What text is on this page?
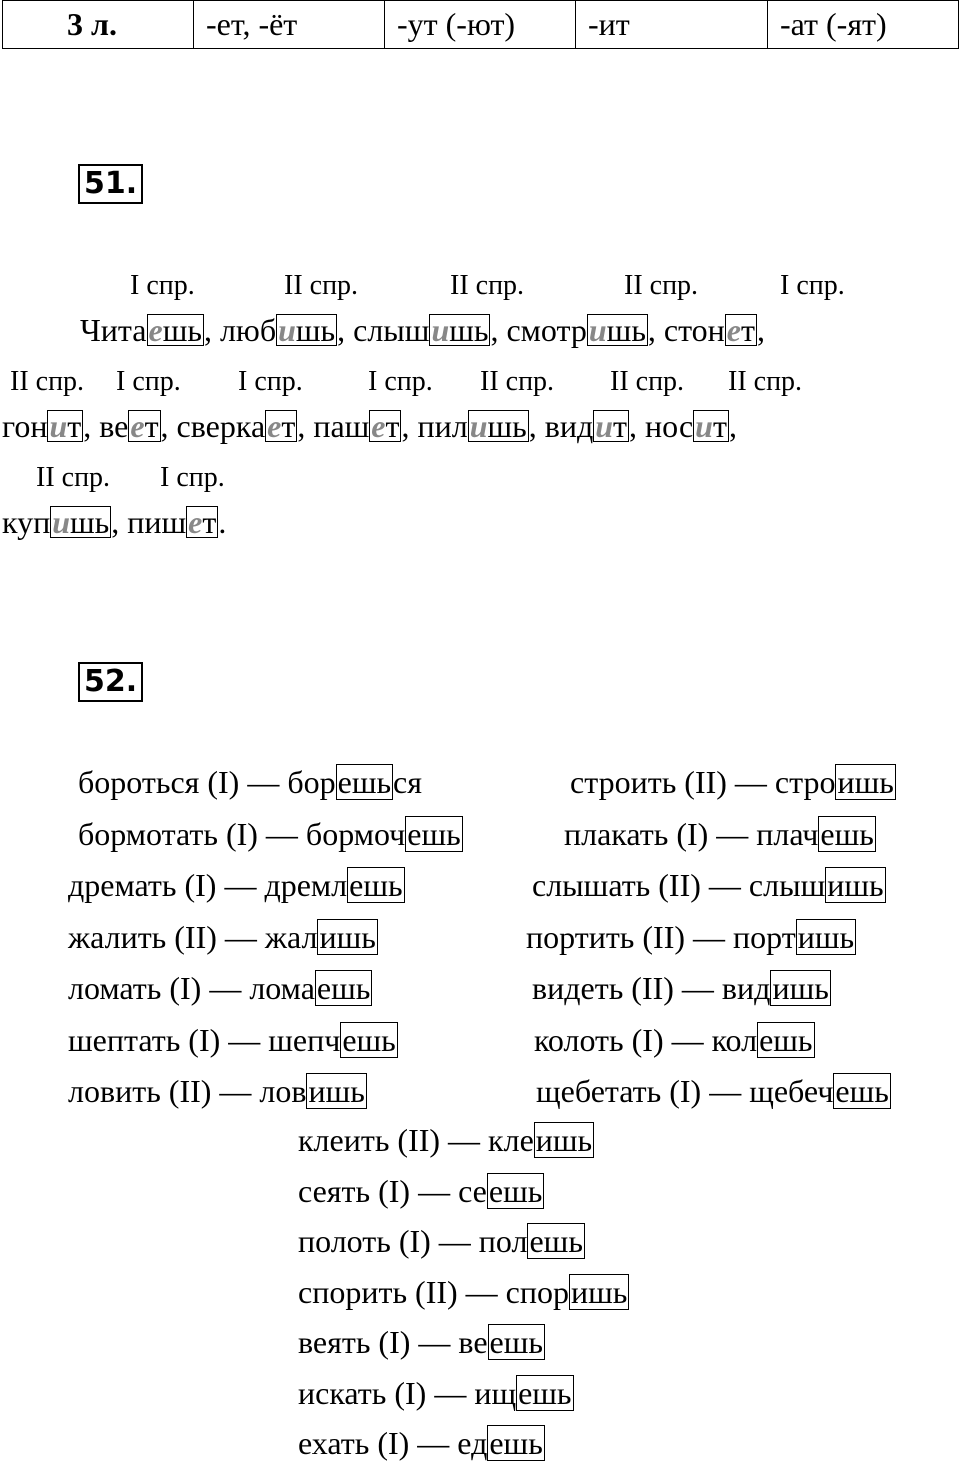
3 л.	-ет, -ёт	-ут (-ют)	-ит	-ат (-ят)
51.
I спр.	II спр.	II спр.	II спр.	I спр.
Читаешь, любишь, слышишь, смотришь, стонет,
II спр. I спр. I спр. I спр. II спр. II спр. II спр.
гонит, веет, сверкает, пашет, пилишь, видит, носит,
II спр. I спр.
купишь, пишет.
52.
бороться (I) — борешься
бормотать (I) — бормочешь
дремать (I) — дремлешь
жалить (II) — жалишь
ломать (I) — ломаешь
шептать (I) — шепчешь
ловить (II) — ловишь
строить (II) — строишь
плакать (I) — плачешь
слышать (II) — слышишь
портить (II) — портишь
видеть (II) — видишь
колоть (I) — колешь
щебетать (I) — щебечешь
клеить (II) — клеишь
сеять (I) — сеешь
полоть (I) — полешь
спорить (II) — споришь
веять (I) — веешь
искать (I) — ищешь
ехать (I) — едешь
